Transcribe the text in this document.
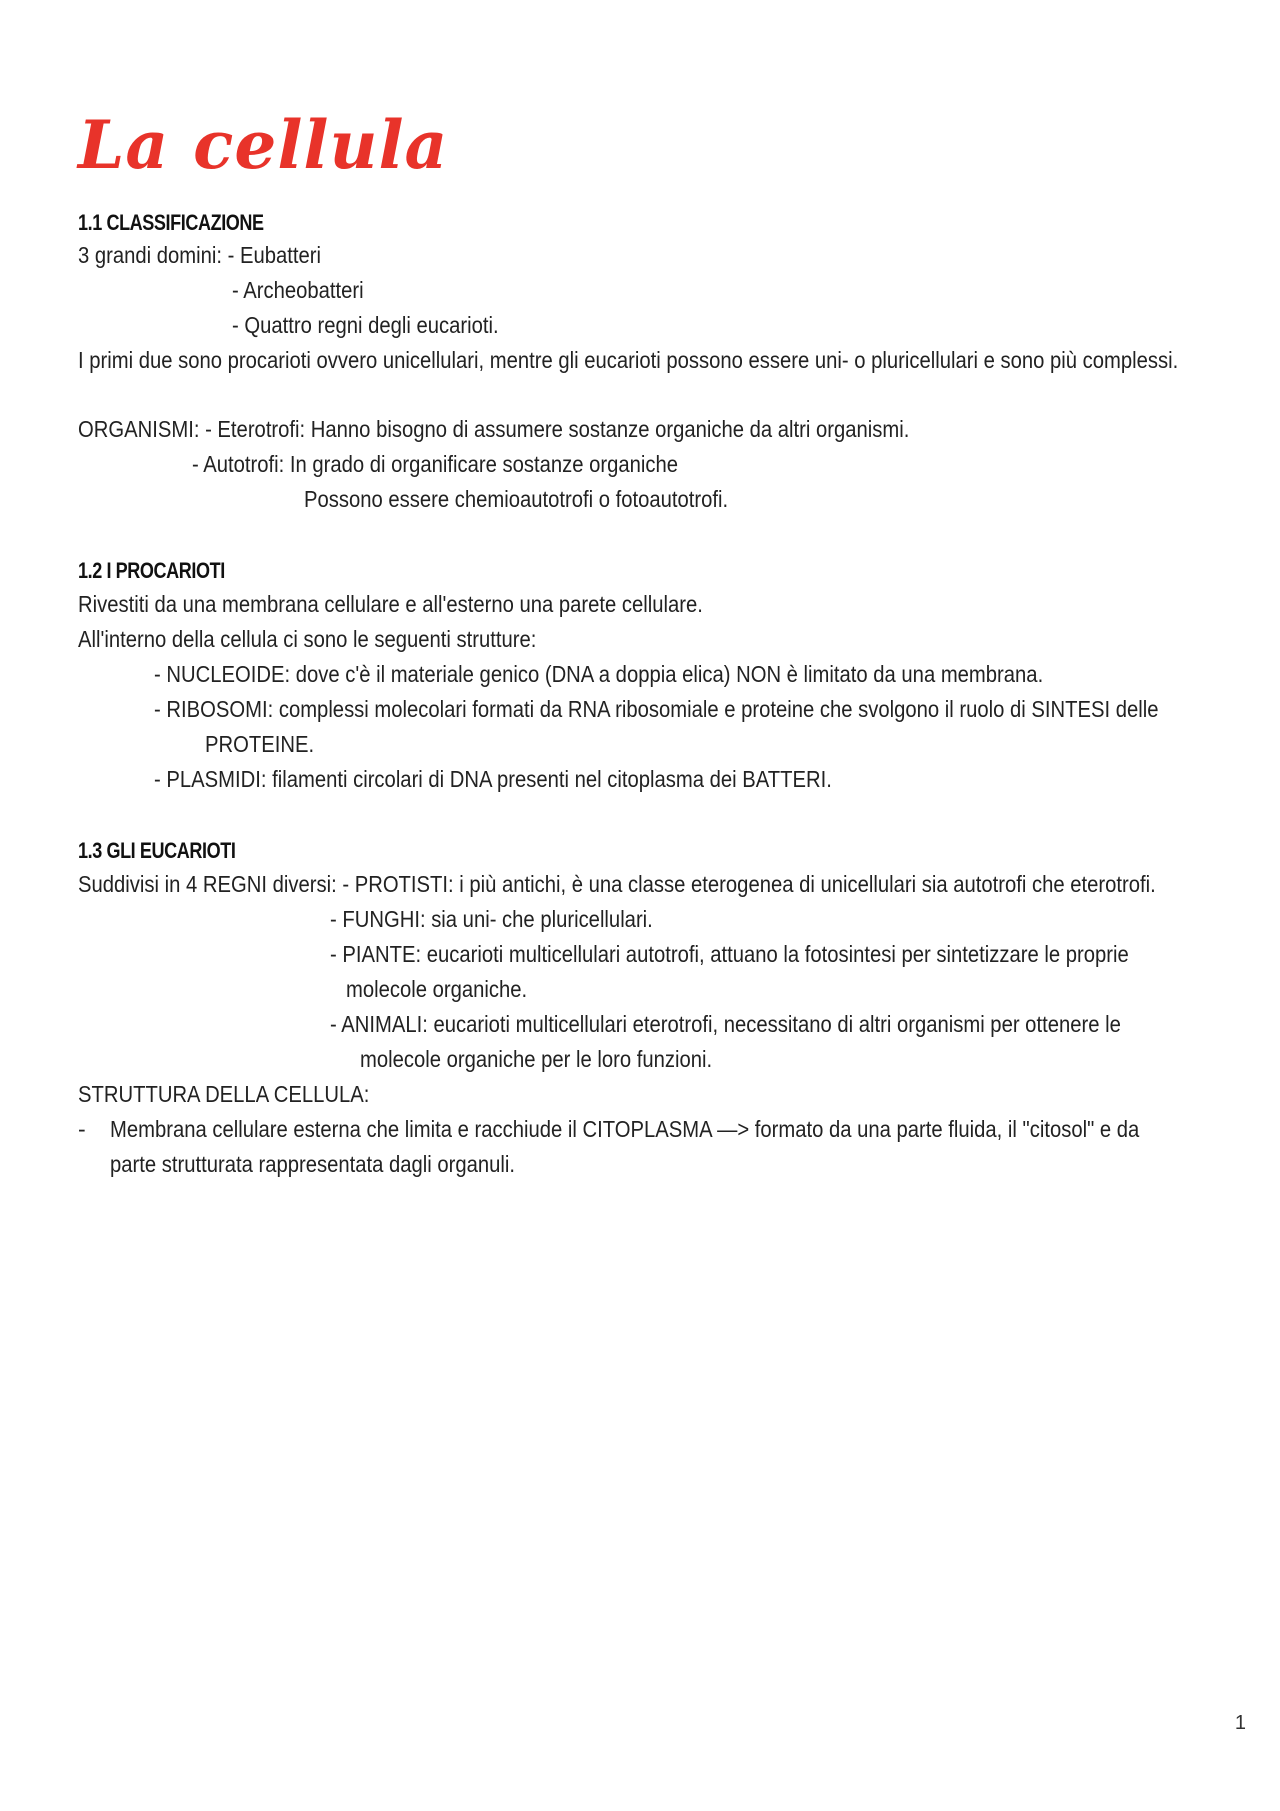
La cellula
1.1 CLASSIFICAZIONE
3 grandi domini: - Eubatteri
- Archeobatteri
- Quattro regni degli eucarioti.
I primi due sono procarioti ovvero unicellulari, mentre gli eucarioti possono essere uni- o pluricellulari e sono più complessi.
ORGANISMI: - Eterotrofi: Hanno bisogno di assumere sostanze organiche da altri organismi.
- Autotrofi: In grado di organificare sostanze organiche
Possono essere chemioautotrofi o fotoautotrofi.
1.2 I PROCARIOTI
Rivestiti da una membrana cellulare e all'esterno una parete cellulare.
All'interno della cellula ci sono le seguenti strutture:
- NUCLEOIDE: dove c'è il materiale genico (DNA a doppia elica) NON è limitato da una membrana.
- RIBOSOMI: complessi molecolari formati da RNA ribosomiale e proteine che svolgono il ruolo di SINTESI delle
PROTEINE.
- PLASMIDI: filamenti circolari di DNA presenti nel citoplasma dei BATTERI.
1.3 GLI EUCARIOTI
Suddivisi in 4 REGNI diversi: - PROTISTI: i più antichi, è una classe eterogenea di unicellulari sia autotrofi che eterotrofi.
- FUNGHI: sia uni- che pluricellulari.
- PIANTE: eucarioti multicellulari autotrofi, attuano la fotosintesi per sintetizzare le proprie
molecole organiche.
- ANIMALI: eucarioti multicellulari eterotrofi, necessitano di altri organismi per ottenere le
molecole organiche per le loro funzioni.
STRUTTURA DELLA CELLULA:
- Membrana cellulare esterna che limita e racchiude il CITOPLASMA —> formato da una parte fluida, il "citosol" e da
parte strutturata rappresentata dagli organuli.
1
